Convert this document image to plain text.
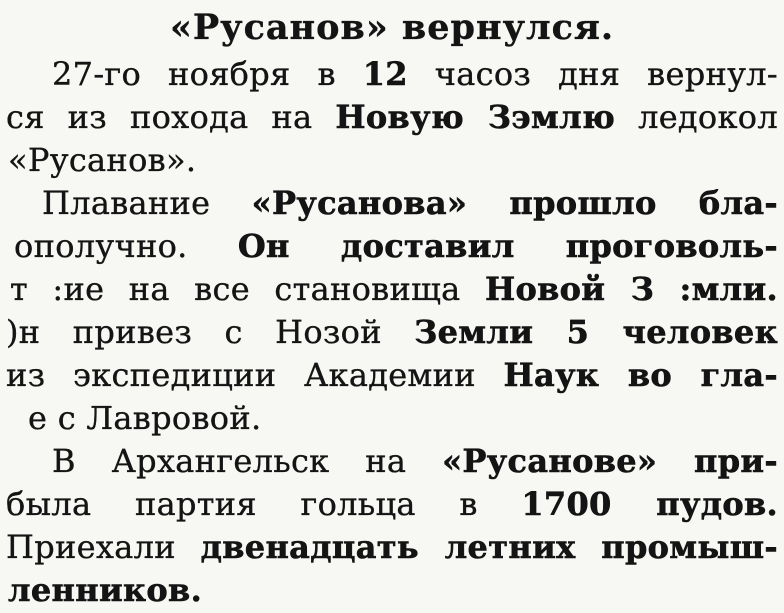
«Русанов» вернулся.
27-го ноября в 12 часоз дня вернул-
ся из похода на Новую Зэмлю ледокол
«Русанов».
Плавание «Русанова» прошло бла-
ополучно. Он доставил проговоль-
т :ие на все становища Новой З :мли.
)н привез с Нозой Земли 5 человек
из экспедиции Академии Наук во гла-
е с Лавровой.
В Архангельск на «Русанове» при-
была партия гольца в 1700 пудов.
Приехали двенадцать летних промыш-
ленников.
